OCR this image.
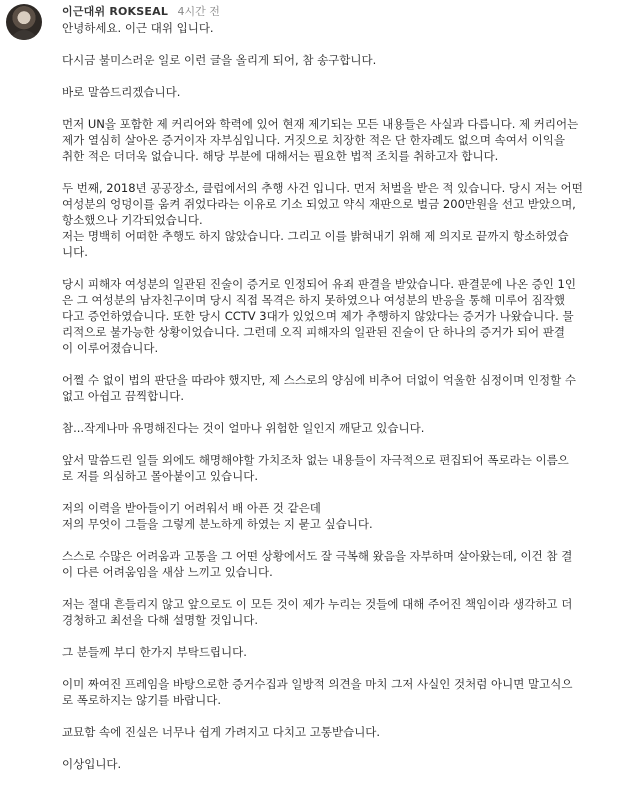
이근대위 ROKSEAL 4시간 전
안녕하세요. 이근 대위 입니다.
다시금 불미스러운 일로 이런 글을 올리게 되어, 참 송구합니다.
바로 말씀드리겠습니다.
먼저 UN을 포함한 제 커리어와 학력에 있어 현재 제기되는 모든 내용들은 사실과 다릅니다. 제 커리어는
제가 열심히 살아온 증거이자 자부심입니다. 거짓으로 치장한 적은 단 한자례도 없으며 속여서 이익을
취한 적은 더더욱 없습니다. 해당 부분에 대해서는 필요한 법적 조치를 취하고자 합니다.
두 번째, 2018년 공공장소, 클럽에서의 추행 사건 입니다. 먼저 처벌을 받은 적 있습니다. 당시 저는 어떤
여성분의 엉덩이를 움켜 쥐었다라는 이유로 기소 되었고 약식 재판으로 벌금 200만원을 선고 받았으며,
항소했으나 기각되었습니다.
저는 명백히 어떠한 추행도 하지 않았습니다. 그리고 이를 밝혀내기 위해 제 의지로 끝까지 항소하였습
니다.
당시 피해자 여성분의 일관된 진술이 증거로 인정되어 유죄 판결을 받았습니다. 판결문에 나온 증인 1인
은 그 여성분의 남자친구이며 당시 직접 목격은 하지 못하였으나 여성분의 반응을 통해 미루어 짐작했
다고 증언하였습니다. 또한 당시 CCTV 3대가 있었으며 제가 추행하지 않았다는 증거가 나왔습니다. 물
리적으로 불가능한 상황이었습니다. 그런데 오직 피해자의 일관된 진술이 단 하나의 증거가 되어 판결
이 이루어졌습니다.
어쩔 수 없이 법의 판단을 따라야 했지만, 제 스스로의 양심에 비추어 더없이 억울한 심정이며 인정할 수
없고 아쉽고 끔찍합니다.
참...작게나마 유명해진다는 것이 얼마나 위험한 일인지 깨닫고 있습니다.
앞서 말씀드린 일들 외에도 해명해야할 가치조차 없는 내용들이 자극적으로 편집되어 폭로라는 이름으
로 저를 의심하고 몰아붙이고 있습니다.
저의 이력을 받아들이기 어려워서 배 아픈 것 같은데
저의 무엇이 그들을 그렇게 분노하게 하였는 지 묻고 싶습니다.
스스로 수많은 어려움과 고통을 그 어떤 상황에서도 잘 극복해 왔음을 자부하며 살아왔는데, 이건 참 결
이 다른 어려움임을 새삼 느끼고 있습니다.
저는 절대 흔들리지 않고 앞으로도 이 모든 것이 제가 누리는 것들에 대해 주어진 책임이라 생각하고 더
경청하고 최선을 다해 설명할 것입니다.
그 분들께 부디 한가지 부탁드립니다.
이미 짜여진 프레임을 바탕으로한 증거수집과 일방적 의견을 마치 그저 사실인 것처럼 아니면 말고식으
로 폭로하지는 않기를 바랍니다.
교묘함 속에 진실은 너무나 쉽게 가려지고 다치고 고통받습니다.
이상입니다.
